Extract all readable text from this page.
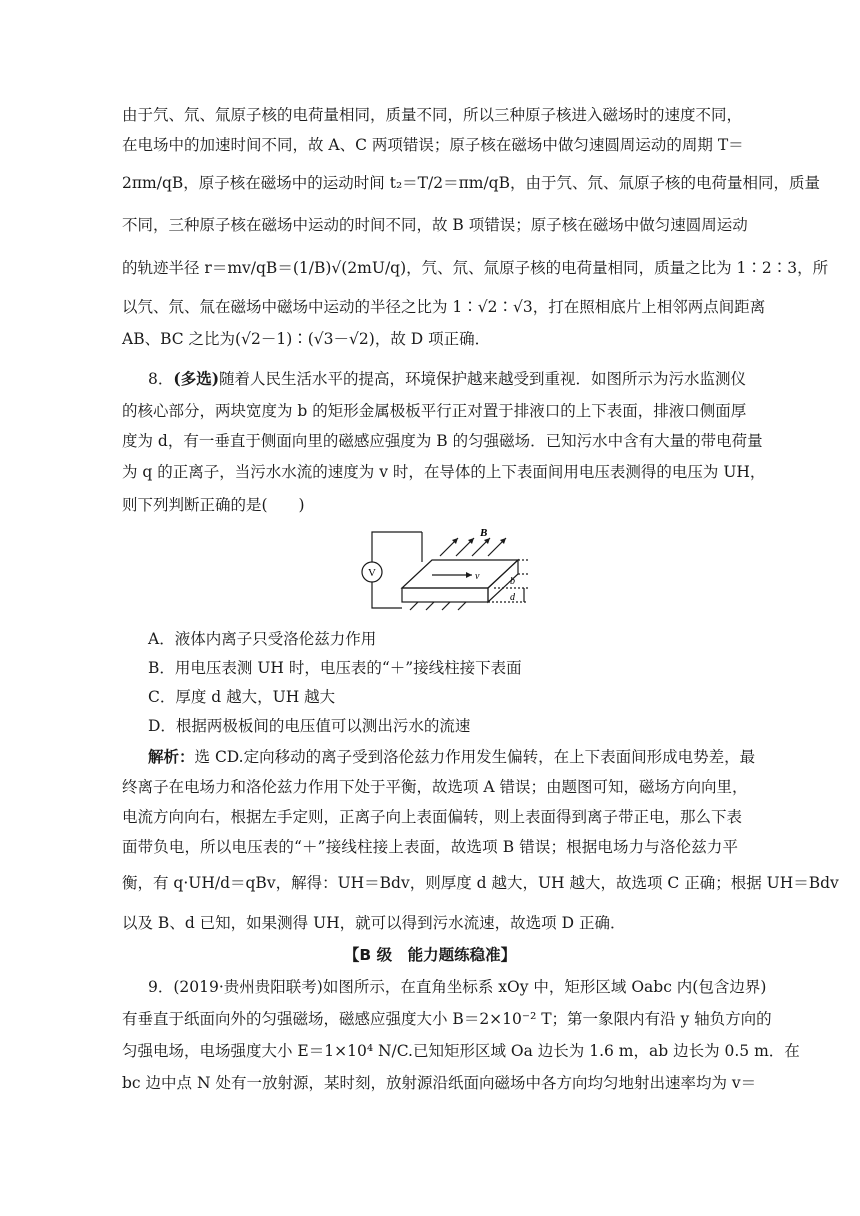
由于氕、氘、氚原子核的电荷量相同，质量不同，所以三种原子核进入磁场时的速度不同，
在电场中的加速时间不同，故 A、C 两项错误；原子核在磁场中做匀速圆周运动的周期 T＝
2πm/qB，原子核在磁场中的运动时间 t₂＝T/2＝πm/qB，由于氕、氘、氚原子核的电荷量相同，质量
不同，三种原子核在磁场中运动的时间不同，故 B 项错误；原子核在磁场中做匀速圆周运动
的轨迹半径 r＝mv/qB＝(1/B)√(2mU/q)，氕、氘、氚原子核的电荷量相同，质量之比为 1∶2∶3，所
以氕、氘、氚在磁场中磁场中运动的半径之比为 1∶√2∶√3，打在照相底片上相邻两点间距离
AB、BC 之比为(√2－1)∶(√3－√2)，故 D 项正确．
8．(多选)随着人民生活水平的提高，环境保护越来越受到重视．如图所示为污水监测仪
的核心部分，两块宽度为 b 的矩形金属极板平行正对置于排液口的上下表面，排液口侧面厚
度为 d，有一垂直于侧面向里的磁感应强度为 B 的匀强磁场．已知污水中含有大量的带电荷量
为 q 的正离子，当污水水流的速度为 v 时，在导体的上下表面间用电压表测得的电压为 UH，
则下列判断正确的是(　　)
V
B
v	b
d
A．液体内离子只受洛伦兹力作用
B．用电压表测 UH 时，电压表的“＋”接线柱接下表面
C．厚度 d 越大，UH 越大
D．根据两极板间的电压值可以测出污水的流速
解析：选 CD.定向移动的离子受到洛伦兹力作用发生偏转，在上下表面间形成电势差，最
终离子在电场力和洛伦兹力作用下处于平衡，故选项 A 错误；由题图可知，磁场方向向里，
电流方向向右，根据左手定则，正离子向上表面偏转，则上表面得到离子带正电，那么下表
面带负电，所以电压表的“＋”接线柱接上表面，故选项 B 错误；根据电场力与洛伦兹力平
衡，有 q·UH/d＝qBv，解得：UH＝Bdv，则厚度 d 越大，UH 越大，故选项 C 正确；根据 UH＝Bdv
以及 B、d 已知，如果测得 UH，就可以得到污水流速，故选项 D 正确．
【B 级　能力题练稳准】
9．(2019·贵州贵阳联考)如图所示，在直角坐标系 xOy 中，矩形区域 Oabc 内(包含边界)
有垂直于纸面向外的匀强磁场，磁感应强度大小 B＝2×10⁻² T；第一象限内有沿 y 轴负方向的
匀强电场，电场强度大小 E＝1×10⁴ N/C.已知矩形区域 Oa 边长为 1.6 m，ab 边长为 0.5 m．在
bc 边中点 N 处有一放射源，某时刻，放射源沿纸面向磁场中各方向均匀地射出速率均为 v＝
